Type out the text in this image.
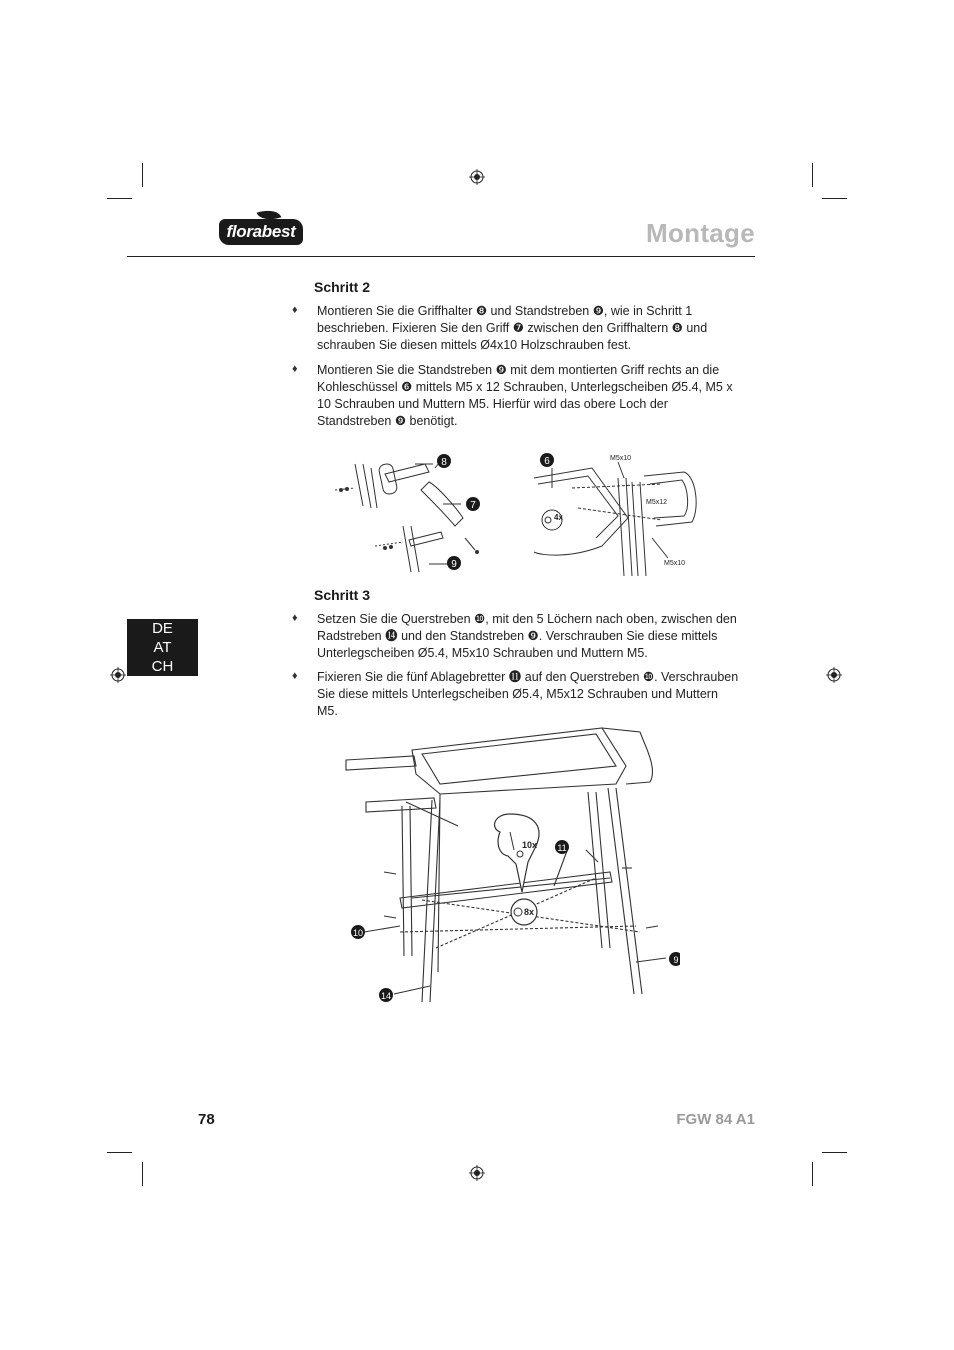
florabest	Montage
DE
AT
CH
Schritt 2
♦ Montieren Sie die Griffhalter ❽ und Standstreben ❾, wie in Schritt 1 beschrieben. Fixieren Sie den Griff ❼ zwischen den Griffhaltern ❽ und schrauben Sie diesen mittels Ø4x10 Holzschrauben fest.
♦ Montieren Sie die Standstreben ❾ mit dem montierten Griff rechts an die Kohleschüssel ❻ mittels M5 x 12 Schrauben, Unterlegscheiben Ø5.4, M5 x 10 Schrauben und Muttern M5. Hierfür wird das obere Loch der Standstreben ❾ benötigt.
8
7
9
6	M5x10
M5x12
M5x10
4x
Schritt 3
♦ Setzen Sie die Querstreben ❿, mit den 5 Löchern nach oben, zwischen den Radstreben ⓮ und den Standstreben ❾. Verschrauben Sie diese mittels Unterlegscheiben Ø5.4, M5x10 Schrauben und Muttern M5.
♦ Fixieren Sie die fünf Ablagebretter ⓫ auf den Querstreben ❿. Verschrauben Sie diese mittels Unterlegscheiben Ø5.4, M5x12 Schrauben und Muttern M5.
10x
8x
11
10
14
9
78	FGW 84 A1
